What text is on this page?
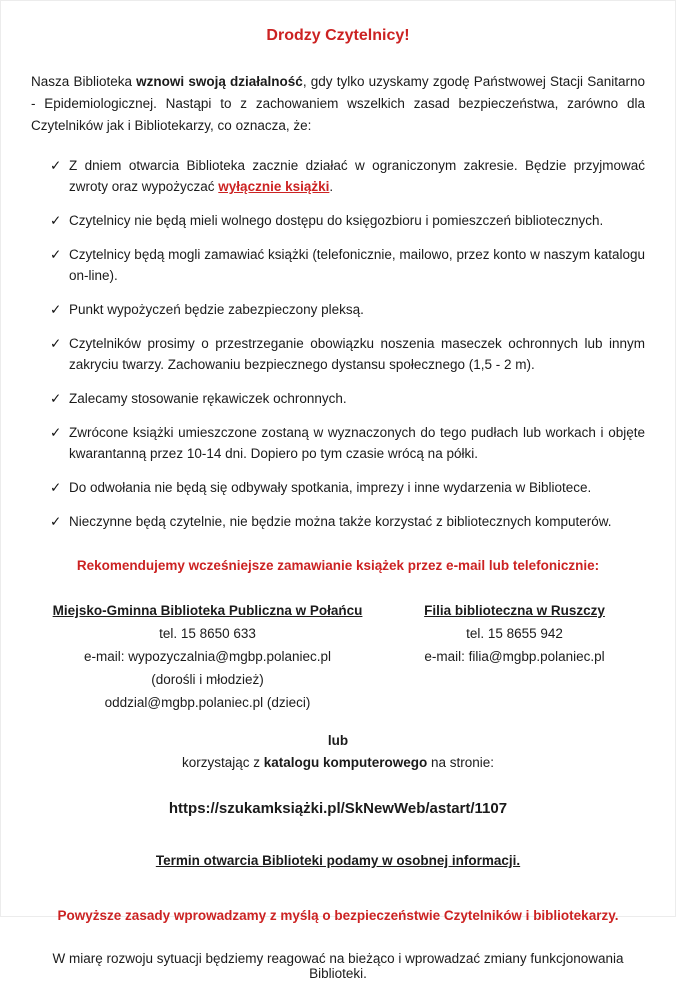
Drodzy Czytelnicy!
Nasza Biblioteka wznowi swoją działalność, gdy tylko uzyskamy zgodę Państwowej Stacji Sanitarno - Epidemiologicznej. Nastąpi to z zachowaniem wszelkich zasad bezpieczeństwa, zarówno dla Czytelników jak i Bibliotekarzy, co oznacza, że:
✓ Z dniem otwarcia Biblioteka zacznie działać w ograniczonym zakresie. Będzie przyjmować zwroty oraz wypożyczać wyłącznie książki.
✓ Czytelnicy nie będą mieli wolnego dostępu do księgozbioru i pomieszczeń bibliotecznych.
✓ Czytelnicy będą mogli zamawiać książki (telefonicznie, mailowo, przez konto w naszym katalogu on-line).
✓ Punkt wypożyczeń będzie zabezpieczony pleksą.
✓ Czytelników prosimy o przestrzeganie obowiązku noszenia maseczek ochronnych lub innym zakryciu twarzy. Zachowaniu bezpiecznego dystansu społecznego (1,5 - 2 m).
✓ Zalecamy stosowanie rękawiczek ochronnych.
✓ Zwrócone książki umieszczone zostaną w wyznaczonych do tego pudłach lub workach i objęte kwarantanną przez 10-14 dni. Dopiero po tym czasie wrócą na półki.
✓ Do odwołania nie będą się odbywały spotkania, imprezy i inne wydarzenia w Bibliotece.
✓ Nieczynne będą czytelnie, nie będzie można także korzystać z bibliotecznych komputerów.
Rekomendujemy wcześniejsze zamawianie książek przez e-mail lub telefonicznie:
Miejsko-Gminna Biblioteka Publiczna w Połańcu
tel. 15 8650 633
e-mail: wypozyczalnia@mgbp.polaniec.pl
(dorośli i młodzież)
oddzial@mgbp.polaniec.pl (dzieci)
Filia biblioteczna w Ruszczy
tel. 15 8655 942
e-mail: filia@mgbp.polaniec.pl
lub
korzystając z katalogu komputerowego na stronie:
https://szukamksiążki.pl/SkNewWeb/astart/1107
Termin otwarcia Biblioteki podamy w osobnej informacji.
Powyższe zasady wprowadzamy z myślą o bezpieczeństwie Czytelników i bibliotekarzy.
W miarę rozwoju sytuacji będziemy reagować na bieżąco i wprowadzać zmiany funkcjonowania Biblioteki.
